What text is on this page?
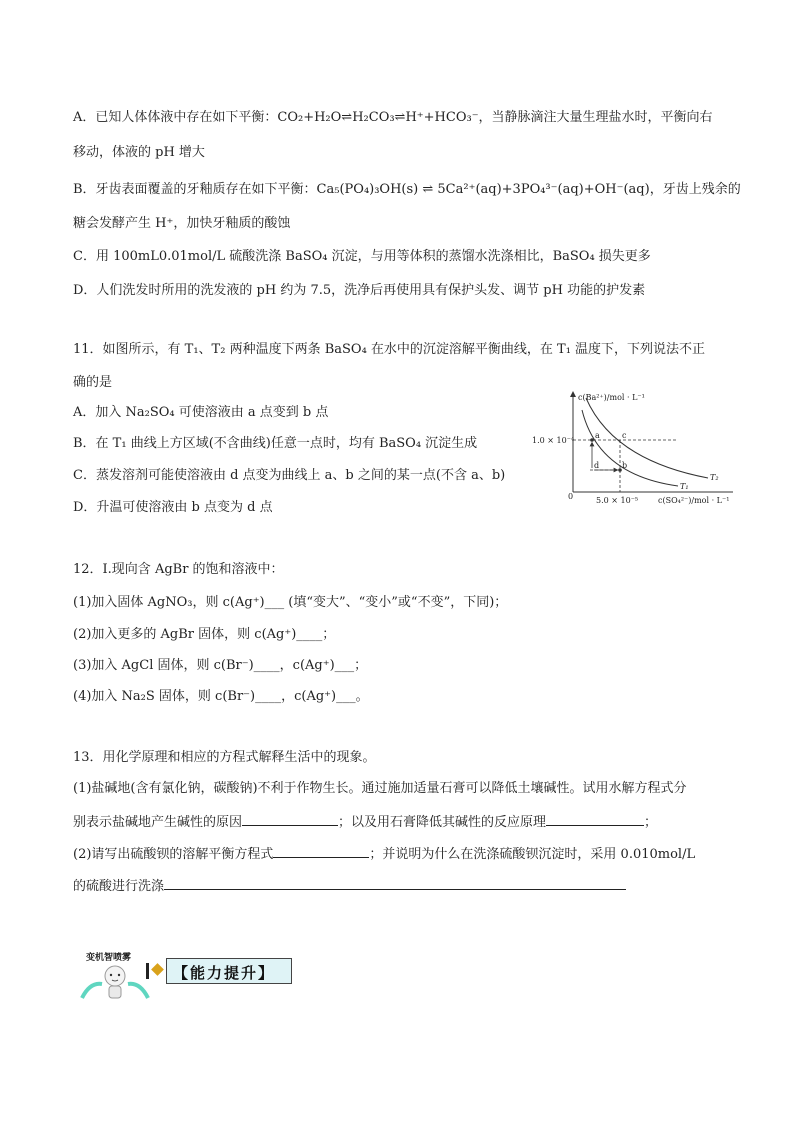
A．已知人体体液中存在如下平衡：CO₂+H₂O⇌H₂CO₃⇌H⁺+HCO₃⁻，当静脉滴注大量生理盐水时，平衡向右
移动，体液的 pH 增大
B．牙齿表面覆盖的牙釉质存在如下平衡：Ca₅(PO₄)₃OH(s) ⇌ 5Ca²⁺(aq)+3PO₄³⁻(aq)+OH⁻(aq)，牙齿上残余的
糖会发酵产生 H⁺，加快牙釉质的酸蚀
C．用 100mL0.01mol/L 硫酸洗涤 BaSO₄ 沉淀，与用等体积的蒸馏水洗涤相比，BaSO₄ 损失更多
D．人们洗发时所用的洗发液的 pH 约为 7.5，洗净后再使用具有保护头发、调节 pH 功能的护发素
11．如图所示，有 T₁、T₂ 两种温度下两条 BaSO₄ 在水中的沉淀溶解平衡曲线，在 T₁ 温度下，下列说法不正
确的是
A．加入 Na₂SO₄ 可使溶液由 a 点变到 b 点
B．在 T₁ 曲线上方区域(不含曲线)任意一点时，均有 BaSO₄ 沉淀生成
C．蒸发溶剂可能使溶液由 d 点变为曲线上 a、b 之间的某一点(不含 a、b)
D．升温可使溶液由 b 点变为 d 点
c(Ba²⁺)/mol · L⁻¹
1.0 × 10⁻⁴
5.0 × 10⁻⁵ c(SO₄²⁻)/mol · L⁻¹
0
a	c
d	b
T₂
T₁
12．Ⅰ.现向含 AgBr 的饱和溶液中：
(1)加入固体 AgNO₃，则 c(Ag⁺)___ (填“变大”、“变小”或“不变”，下同)；
(2)加入更多的 AgBr 固体，则 c(Ag⁺)____；
(3)加入 AgCl 固体，则 c(Br⁻)____，c(Ag⁺)___；
(4)加入 Na₂S 固体，则 c(Br⁻)____，c(Ag⁺)___。
13．用化学原理和相应的方程式解释生活中的现象。
(1)盐碱地(含有氯化钠，碳酸钠)不利于作物生长。通过施加适量石膏可以降低土壤碱性。试用水解方程式分
别表示盐碱地产生碱性的原因	；以及用石膏降低其碱性的反应原理	；
(2)请写出硫酸钡的溶解平衡方程式	；并说明为什么在洗涤硫酸钡沉淀时，采用 0.010mol/L
的硫酸进行洗涤
变机智喷雾
【能力提升】
